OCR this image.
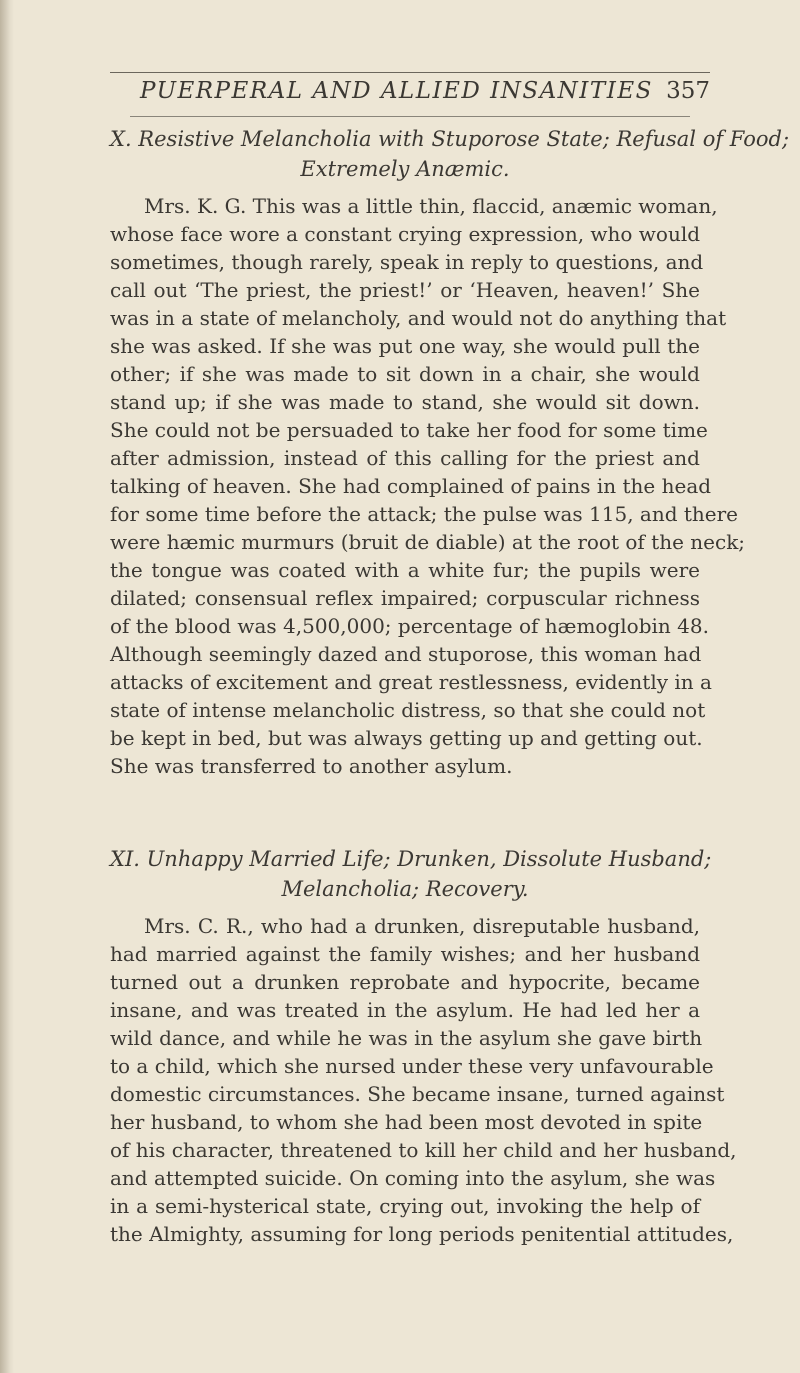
PUERPERAL AND ALLIED INSANITIES 357
X. Resistive Melancholia with Stuporose State; Refusal of Food;
Extremely Anæmic.
Mrs. K. G. This was a little thin, flaccid, anæmic woman,
whose face wore a constant crying expression, who would
sometimes, though rarely, speak in reply to questions, and
call out ‘The priest, the priest!’ or ‘Heaven, heaven!’ She
was in a state of melancholy, and would not do anything that
she was asked. If she was put one way, she would pull the
other; if she was made to sit down in a chair, she would
stand up; if she was made to stand, she would sit down.
She could not be persuaded to take her food for some time
after admission, instead of this calling for the priest and
talking of heaven. She had complained of pains in the head
for some time before the attack; the pulse was 115, and there
were hæmic murmurs (bruit de diable) at the root of the neck;
the tongue was coated with a white fur; the pupils were
dilated; consensual reflex impaired; corpuscular richness
of the blood was 4,500,000; percentage of hæmoglobin 48.
Although seemingly dazed and stuporose, this woman had
attacks of excitement and great restlessness, evidently in a
state of intense melancholic distress, so that she could not
be kept in bed, but was always getting up and getting out.
She was transferred to another asylum.
XI. Unhappy Married Life; Drunken, Dissolute Husband;
Melancholia; Recovery.
Mrs. C. R., who had a drunken, disreputable husband,
had married against the family wishes; and her husband
turned out a drunken reprobate and hypocrite, became
insane, and was treated in the asylum. He had led her a
wild dance, and while he was in the asylum she gave birth
to a child, which she nursed under these very unfavourable
domestic circumstances. She became insane, turned against
her husband, to whom she had been most devoted in spite
of his character, threatened to kill her child and her husband,
and attempted suicide. On coming into the asylum, she was
in a semi-hysterical state, crying out, invoking the help of
the Almighty, assuming for long periods penitential attitudes,
